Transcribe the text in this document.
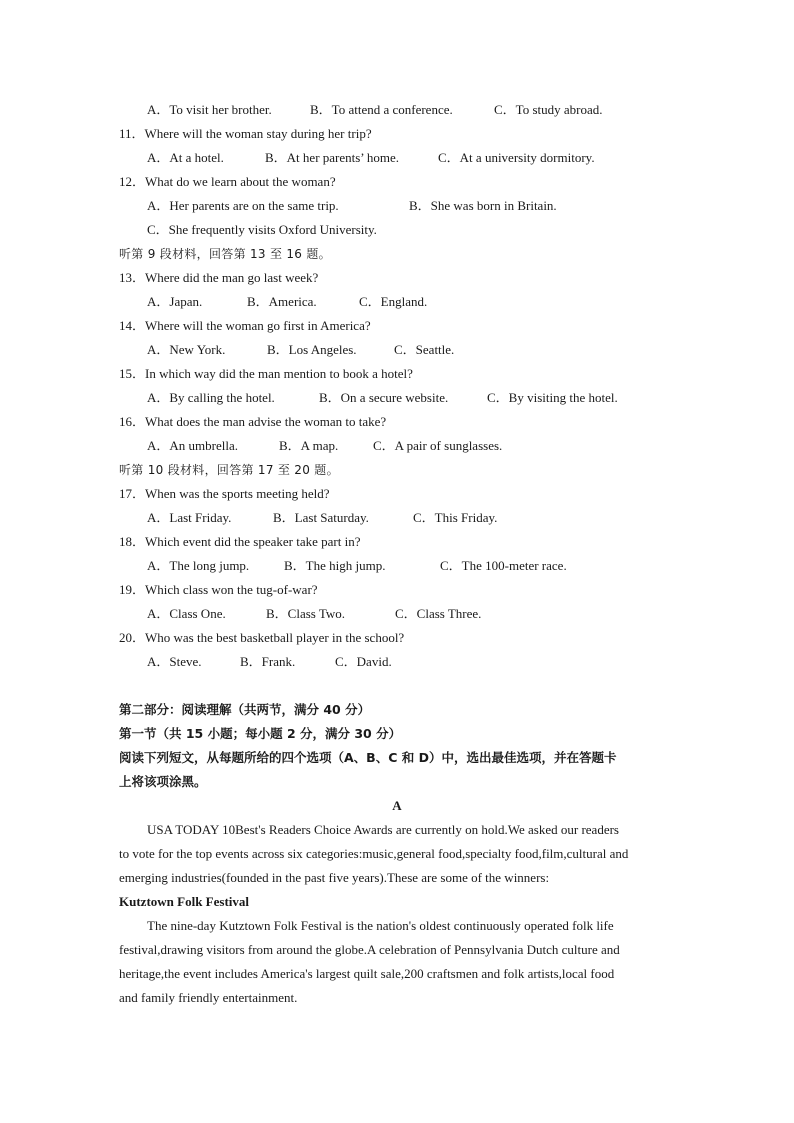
A．To visit her brother.	B．To attend a conference.	C．To study abroad.
11．Where will the woman stay during her trip?
A．At a hotel.	B．At her parents’ home.	C．At a university dormitory.
12．What do we learn about the woman?
A．Her parents are on the same trip.	B．She was born in Britain.
C．She frequently visits Oxford University.
听第 9 段材料，回答第 13 至 16 题。
13．Where did the man go last week?
A．Japan.	B．America.	C．England.
14．Where will the woman go first in America?
A．New York.	B．Los Angeles.	C．Seattle.
15．In which way did the man mention to book a hotel?
A．By calling the hotel.	B．On a secure website.	C．By visiting the hotel.
16．What does the man advise the woman to take?
A．An umbrella.	B．A map.	C．A pair of sunglasses.
听第 10 段材料，回答第 17 至 20 题。
17．When was the sports meeting held?
A．Last Friday.	B．Last Saturday.	C．This Friday.
18．Which event did the speaker take part in?
A．The long jump.	B．The high jump.	C．The 100-meter race.
19．Which class won the tug-of-war?
A．Class One.	B．Class Two.	C．Class Three.
20．Who was the best basketball player in the school?
A．Steve.	B．Frank.	C．David.
第二部分：阅读理解（共两节，满分 40 分）
第一节（共 15 小题；每小题 2 分，满分 30 分）
阅读下列短文，从每题所给的四个选项（A、B、C 和 D）中，选出最佳选项，并在答题卡
上将该项涂黑。
A
USA TODAY 10Best's Readers Choice Awards are currently on hold.We asked our readers
to vote for the top events across six categories:music,general food,specialty food,film,cultural and
emerging industries(founded in the past five years).These are some of the winners:
Kutztown Folk Festival
The nine-day Kutztown Folk Festival is the nation's oldest continuously operated folk life
festival,drawing visitors from around the globe.A celebration of Pennsylvania Dutch culture and
heritage,the event includes America's largest quilt sale,200 craftsmen and folk artists,local food
and family friendly entertainment.
